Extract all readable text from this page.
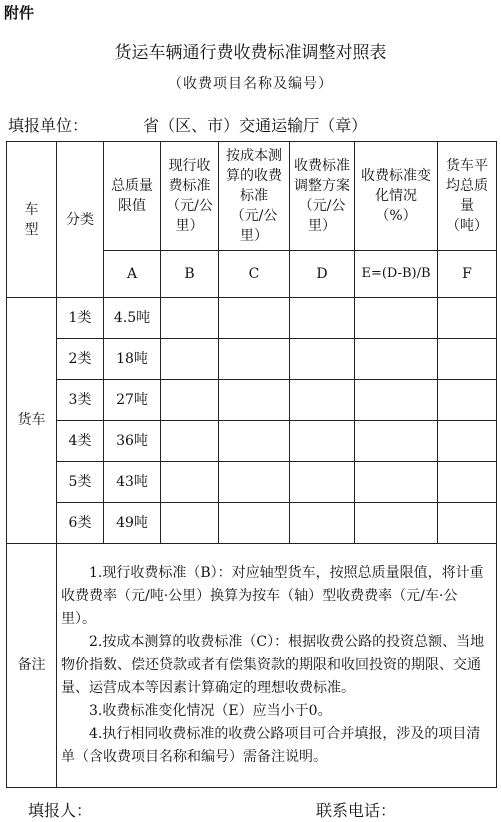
附件
货运车辆通行费收费标准调整对照表
（收费项目名称及编号）
填报单位：	省（区、市）交通运输厅（章）
车型	分类	总质量限值	现行收费标准（元/公里）	按成本测算的收费标准（元/公里）	收费标准调整方案（元/公里）	收费标准变化情况（%）	货车平均总质量（吨）
		A	B	C	D	E=(D-B)/B	F
货车	1类	4.5吨					
	2类	18吨					
	3类	27吨					
	4类	36吨					
	5类	43吨					
	6类	49吨					
备注	1.现行收费标准（B）：对应轴型货车，按照总质量限值，将计重收费费率（元/吨·公里）换算为按车（轴）型收费费率（元/车·公里）。

2.按成本测算的收费标准（C）：根据收费公路的投资总额、当地物价指数、偿还贷款或者有偿集资款的期限和收回投资的期限、交通量、运营成本等因素计算确定的理想收费标准。

3.收费标准变化情况（E）应当小于0。

4.执行相同收费标准的收费公路项目可合并填报，涉及的项目清单（含收费项目名称和编号）需备注说明。						

填报人：	联系电话：
